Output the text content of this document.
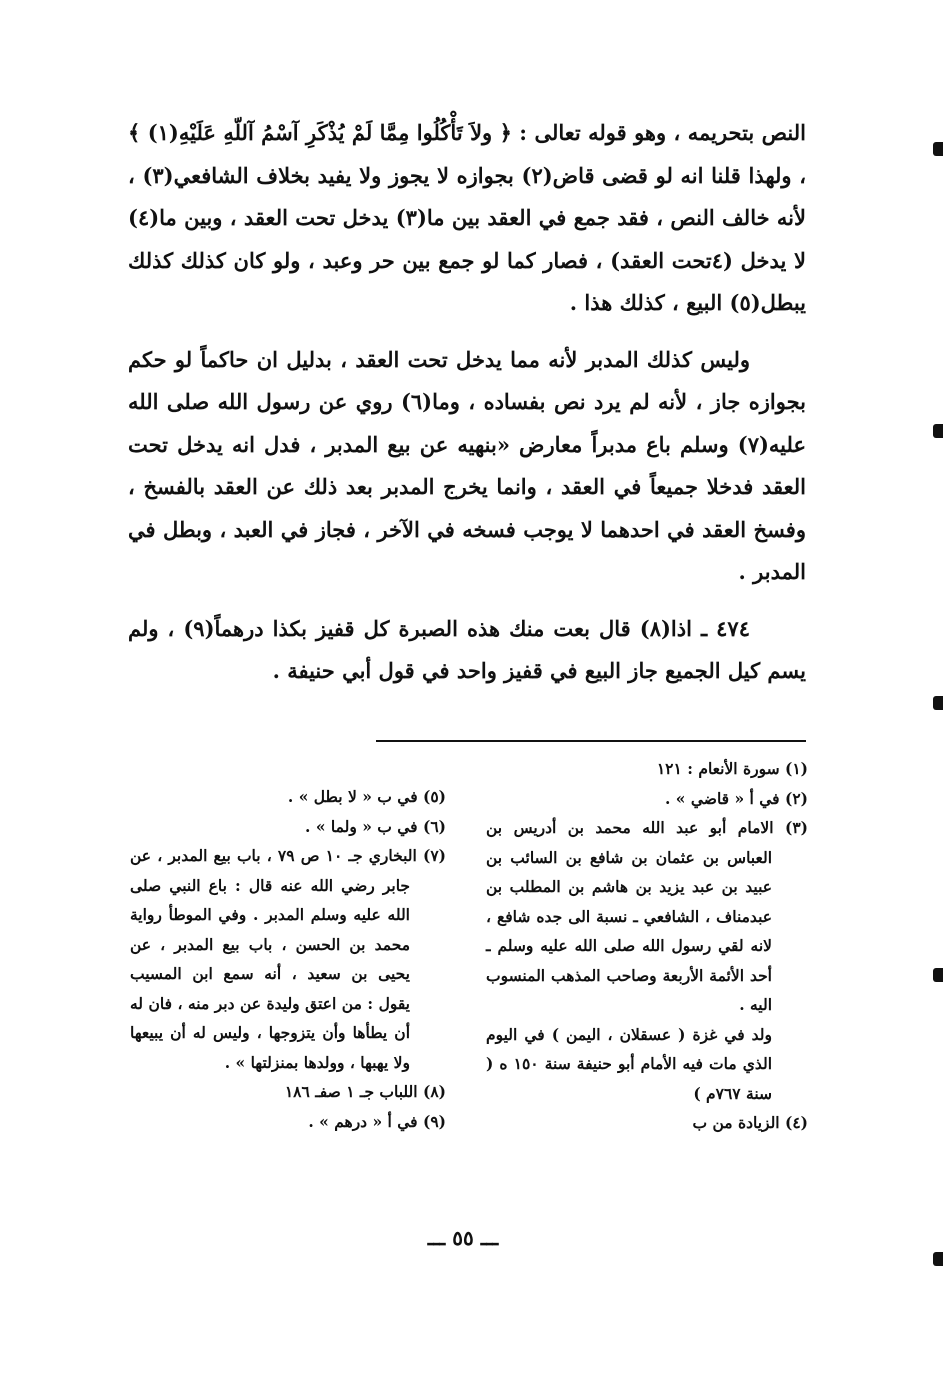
النص بتحريمه ، وهو قوله تعالى : ﴿ ولاَ تَأْكُلُوا مِمَّا لَمْ يُذْكَرِ آسْمُ آللّهِ عَلَيْهِ(١) ﴾ ، ولهذا قلنا انه لو قضى قاض(٢) بجوازه لا يجوز ولا يفيد بخلاف الشافعي(٣) ، لأنه خالف النص ، فقد جمع في العقد بين ما(٣) يدخل تحت العقد ، وبين ما(٤) لا يدخل (٤تحت العقد) ، فصار كما لو جمع بين حر وعبد ، ولو كان كذلك كذلك يبطل(٥) البيع ، كذلك هذا .

وليس كذلك المدبر لأنه مما يدخل تحت العقد ، بدليل ان حاكماً لو حكم بجوازه جاز ، لأنه لم يرد نص بفساده ، وما(٦) روي عن رسول الله صلى الله عليه(٧) وسلم باع مدبراً معارض «بنهيه عن بيع المدبر ، فدل انه يدخل تحت العقد فدخلا جميعاً في العقد ، وانما يخرج المدبر بعد ذلك عن العقد بالفسخ ، وفسخ العقد في احدهما لا يوجب فسخه في الآخر ، فجاز في العبد ، وبطل في المدبر .

٤٧٤ ـ اذا(٨) قال بعت منك هذه الصبرة كل قفيز بكذا درهماً(٩) ، ولم يسم كيل الجميع جاز البيع في قفيز واحد في قول أبي حنيفة .

(١) سورة الأنعام : ١٢١

(٢) في أ « قاضي » .

(٣) الامام أبو عبد الله محمد بن أدريس بن العباس بن عثمان بن شافع بن السائب بن عبيد بن عبد يزيد بن هاشم بن المطلب بن عبدمناف ، الشافعي ـ نسبة الى جده شافع ، لانه لقي رسول الله صلى الله عليه وسلم ـ أحد الأئمة الأربعة وصاحب المذهب المنسوب اليه .

ولد في غزة ( عسقلان ، اليمن ) في اليوم الذي مات فيه الأمام أبو حنيفة سنة ١٥٠ ه ( سنة ٧٦٧م )

(٤) الزيادة من ب

(٥) في ب « لا بطل » .

(٦) في ب « ولما » .

(٧) البخاري جـ ١٠ ص ٧٩ ، باب بيع المدبر ، عن جابر رضي الله عنه قال : باع النبي صلى الله عليه وسلم المدبر . وفي الموطأ رواية محمد بن الحسن ، باب بيع المدبر ، عن يحيى بن سعيد ، أنه سمع ابن المسيب يقول : من اعتق وليدة عن دبر منه ، فان له أن يطأها وأن يتزوجها ، وليس له أن يبيعها ولا يهبها ، وولدها بمنزلتها » .

(٨) اللباب جـ ١ صفـ ١٨٦

(٩) في أ « درهم » .

ـــ ٥٥ ـــ
